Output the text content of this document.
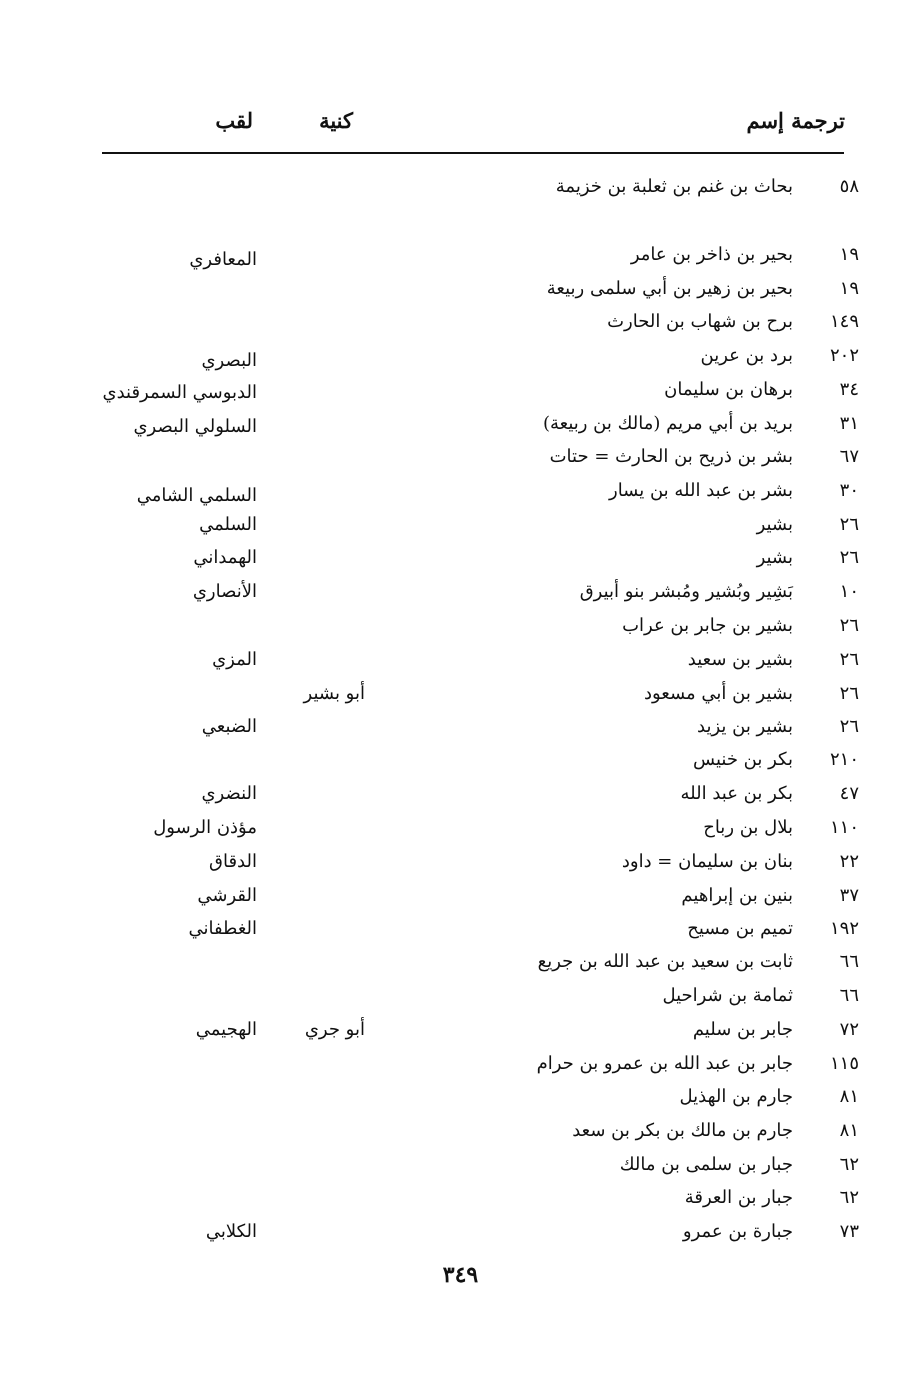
ترجمة إسم
كنية
لقب
٥٨
بحاث بن غنم بن ثعلبة بن خزيمة
١٩
بحير بن ذاخر بن عامر
المعافري
١٩
بحير بن زهير بن أبي سلمى ربيعة
١٤٩
برح بن شهاب بن الحارث
٢٠٢
برد بن عرين
البصري
٣٤
برهان بن سليمان
الدبوسي السمرقندي
٣١
بريد بن أبي مريم (مالك بن ربيعة)
السلولي البصري
٦٧
بشر بن ذريح بن الحارث = حتات
٣٠
بشر بن عبد الله بن يسار
السلمي الشامي
٢٦
بشير
السلمي
٢٦
بشير
الهمداني
١٠
بَشِير وبُشير ومُبشر بنو أبيرق
الأنصاري
٢٦
بشير بن جابر بن عراب
٢٦
بشير بن سعيد
المزي
٢٦
بشير بن أبي مسعود
أبو بشير
٢٦
بشير بن يزيد
الضبعي
٢١٠
بكر بن خنيس
٤٧
بكر بن عبد الله
النضري
١١٠
بلال بن رباح
مؤذن الرسول
٢٢
بنان بن سليمان = داود
الدقاق
٣٧
بنين بن إبراهيم
القرشي
١٩٢
تميم بن مسيح
الغطفاني
٦٦
ثابت بن سعيد بن عبد الله بن جريع
٦٦
ثمامة بن شراحيل
٧٢
جابر بن سليم
أبو جري
الهجيمي
١١٥
جابر بن عبد الله بن عمرو بن حرام
٨١
جارم بن الهذيل
٨١
جارم بن مالك بن بكر بن سعد
٦٢
جبار بن سلمى بن مالك
٦٢
جبار بن العرقة
٧٣
جبارة بن عمرو
الكلابي
٣٤٩
